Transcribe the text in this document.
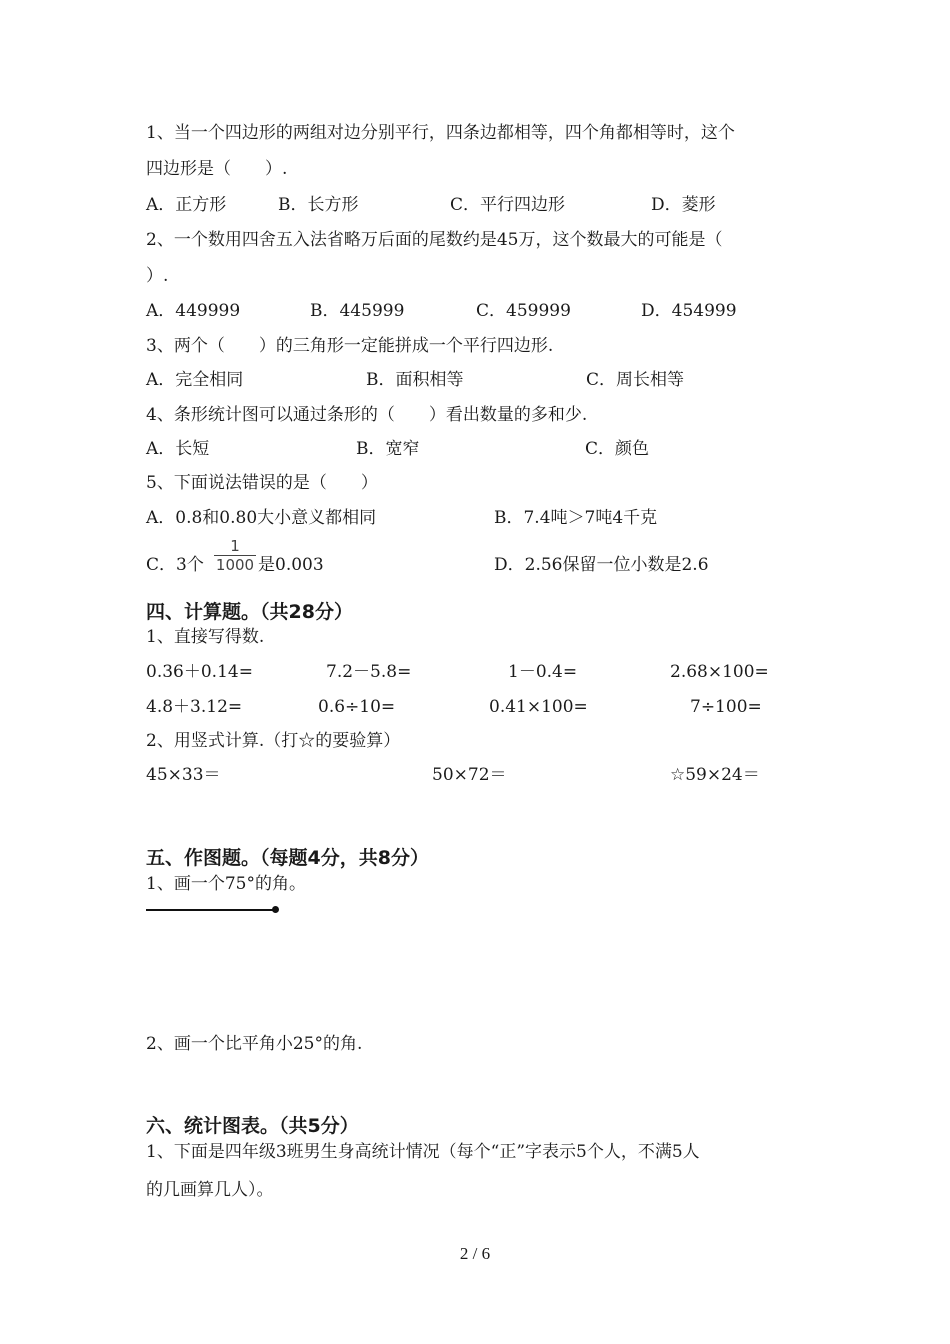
1、当一个四边形的两组对边分别平行，四条边都相等，四个角都相等时，这个
四边形是（　　）.
A．正方形	B．长方形	C．平行四边形	D．菱形
2、一个数用四舍五入法省略万后面的尾数约是45万，这个数最大的可能是（
）.
A．449999	B．445999	C．459999	D．454999
3、两个（　　）的三角形一定能拼成一个平行四边形.
A．完全相同	B．面积相等	C．周长相等
4、条形统计图可以通过条形的（　　）看出数量的多和少.
A．长短	B．宽窄	C．颜色
5、下面说法错误的是（　　）
A．0.8和0.80大小意义都相同	B．7.4吨＞7吨4千克
C．3个
1
1000 是0.003	D．2.56保留一位小数是2.6
四、计算题。（共28分）
1、直接写得数.
0.36＋0.14=	7.2－5.8=	1－0.4=	2.68×100=
4.8＋3.12=	0.6÷10=	0.41×100=	7÷100=
2、用竖式计算.（打☆的要验算）
45×33＝	50×72＝	☆59×24＝
五、作图题。（每题4分，共8分）
1、画一个75°的角。
2、画一个比平角小25°的角.
六、统计图表。（共5分）
1、下面是四年级3班男生身高统计情况（每个“正”字表示5个人，不满5人
的几画算几人）。
2 / 6
